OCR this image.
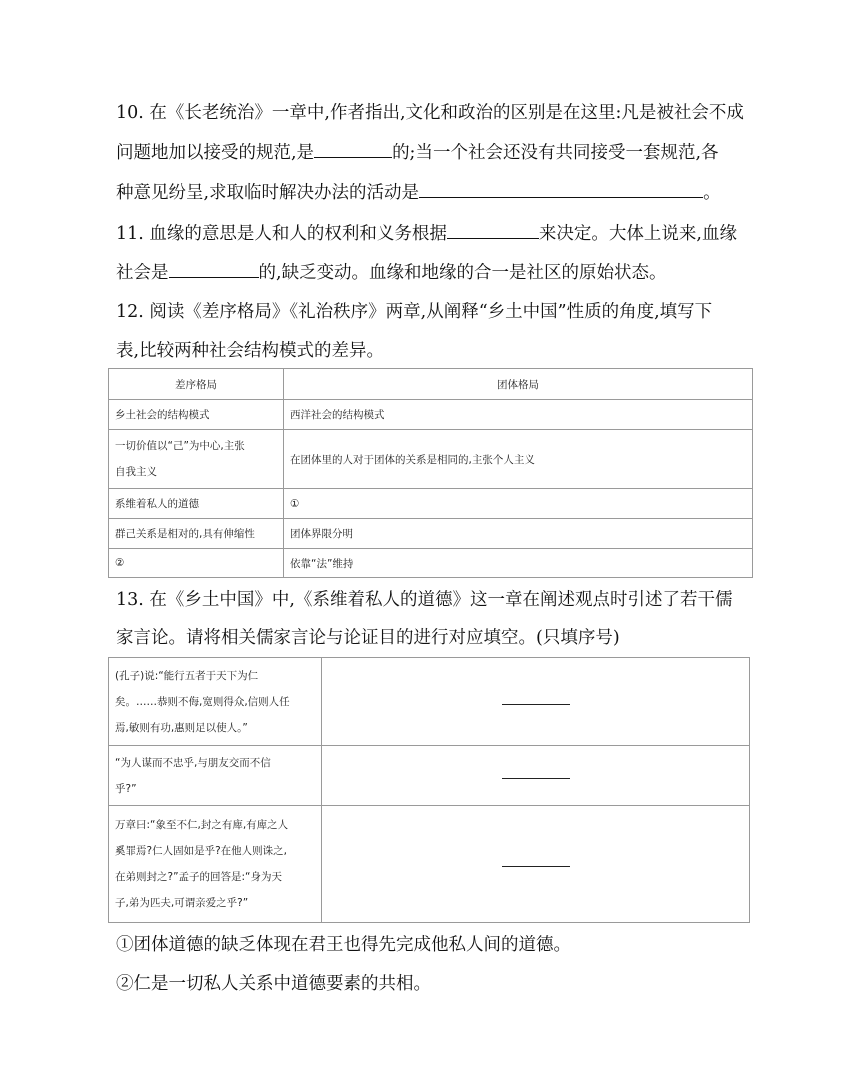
10. 在《长老统治》一章中,作者指出,文化和政治的区别是在这里:凡是被社会不成
问题地加以接受的规范,是	的;当一个社会还没有共同接受一套规范,各
种意见纷呈,求取临时解决办法的活动是	。
11. 血缘的意思是人和人的权利和义务根据	来决定。大体上说来,血缘
社会是	的,缺乏变动。血缘和地缘的合一是社区的原始状态。
12. 阅读《差序格局》《礼治秩序》两章,从阐释“乡土中国”性质的角度,填写下
表,比较两种社会结构模式的差异。
差序格局	团体格局
乡土社会的结构模式	西洋社会的结构模式

一切价值以“己”为中心,主张
自我主义	在团体里的人对于团体的关系是相同的,主张个人主义
系维着私人的道德	①
群己关系是相对的,具有伸缩性	团体界限分明
②	依靠“法”维持
13. 在《乡土中国》中,《系维着私人的道德》这一章在阐述观点时引述了若干儒
家言论。请将相关儒家言论与论证目的进行对应填空。(只填序号)
(孔子)说:“能行五者于天下为仁
矣。……恭则不侮,宽则得众,信则人任
焉,敏则有功,惠则足以使人。”	

“为人谋而不忠乎,与朋友交而不信
乎?”	

万章曰:“象至不仁,封之有庳,有庳之人
奚罪焉?仁人固如是乎?在他人则诛之,
在弟则封之?”孟子的回答是:“身为天
子,弟为匹夫,可谓亲爱之乎?”	

①团体道德的缺乏体现在君王也得先完成他私人间的道德。
②仁是一切私人关系中道德要素的共相。
